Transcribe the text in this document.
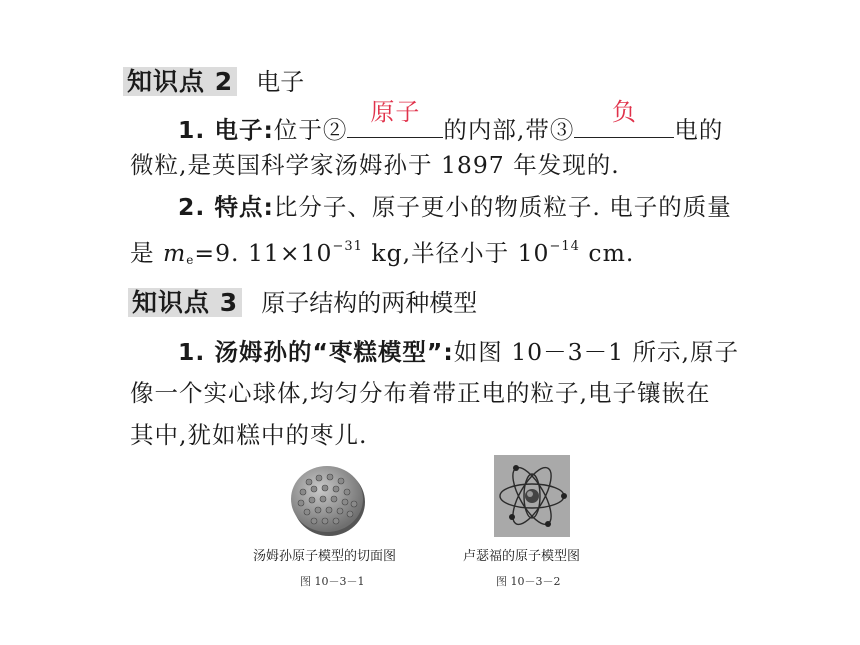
知识点 2 电子
1. 电子:位于②
原子
的内部,带③
负
电的
微粒,是英国科学家汤姆孙于 1897 年发现的.
2. 特点:比分子、原子更小的物质粒子. 电子的质量
是 $m_e=9$. $11\times 10^{-31}$ kg,半径小于 $10^{-14}$ cm.
知识点 3 原子结构的两种模型
1. 汤姆孙的“枣糕模型”:如图 10－3－1 所示,原子
像一个实心球体,均匀分布着带正电的粒子,电子镶嵌在
其中,犹如糕中的枣儿.
汤姆孙原子模型的切面图
图 10－3－1
卢瑟福的原子模型图
图 10－3－2
